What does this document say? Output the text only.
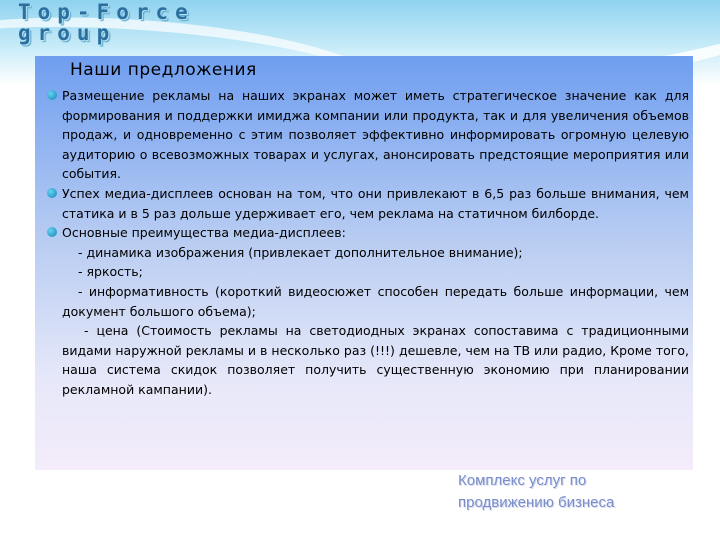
Top-Force
group
Наши предложения
Размещение рекламы на наших экранах может иметь стратегическое значение как для формирования и поддержки имиджа компании или продукта, так и для увеличения объемов продаж, и одновременно с этим позволяет эффективно информировать огромную целевую аудиторию о всевозможных товарах и услугах, анонсировать предстоящие мероприятия или события.
Успех медиа-дисплеев основан на том, что они привлекают в 6,5 раз больше внимания, чем статика и в 5 раз дольше удерживает его, чем реклама на статичном билборде.
Основные преимущества медиа-дисплеев:
- динамика изображения (привлекает дополнительное внимание);
- яркость;
- информативность (короткий видеосюжет способен передать больше информации, чем документ большого объема);
- цена (Стоимость рекламы на светодиодных экранах сопоставима с традиционными видами наружной рекламы и в несколько раз (!!!) дешевле, чем на ТВ или радио, Кроме того, наша система скидок позволяет получить существенную экономию при планировании рекламной кампании).
Комплекс услуг по
продвижению бизнеса
